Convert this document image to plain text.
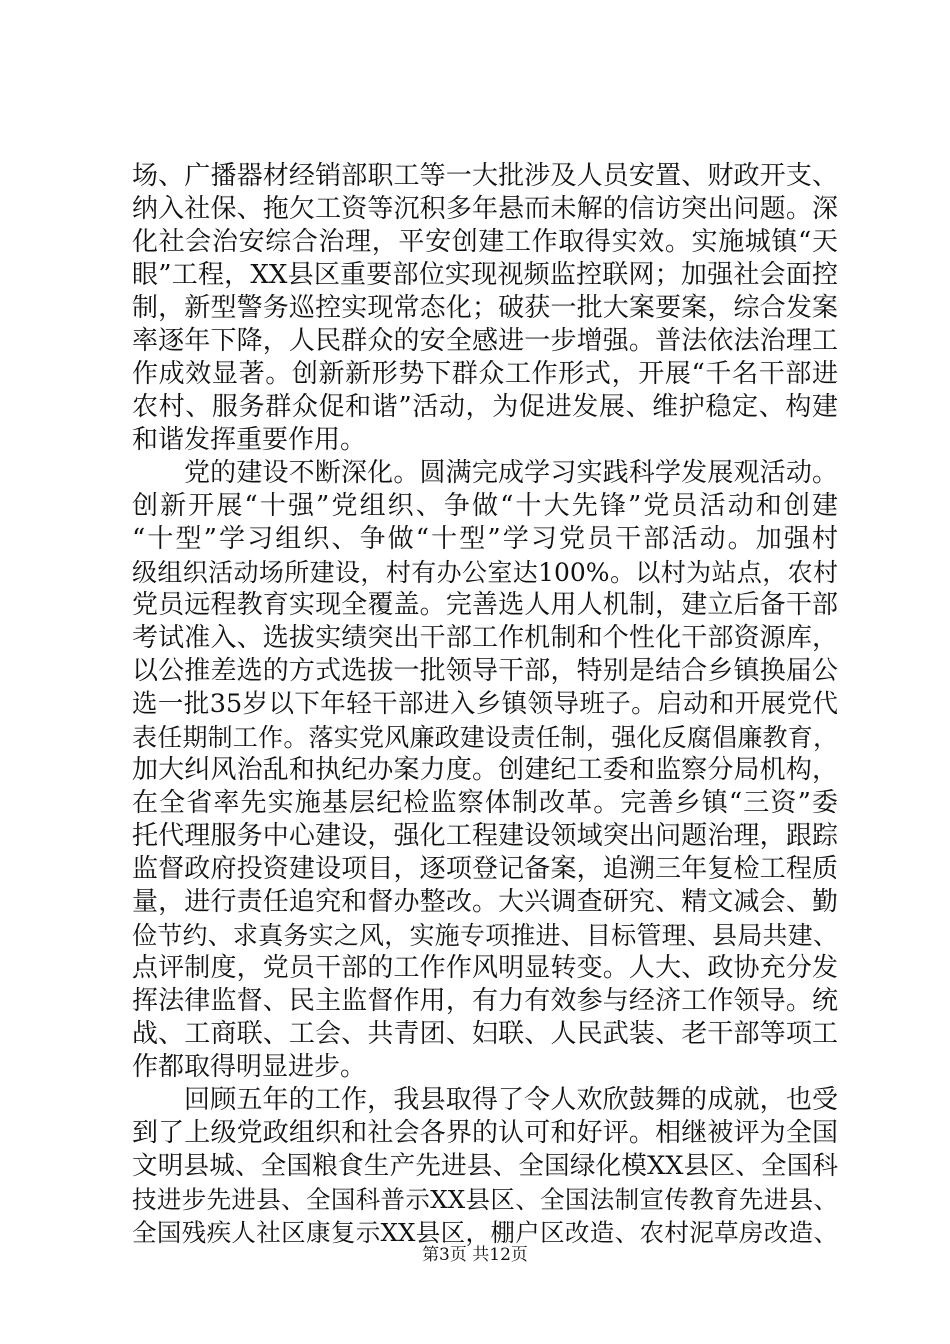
场、广播器材经销部职工等一大批涉及人员安置、财政开支、
纳入社保、拖欠工资等沉积多年悬而未解的信访突出问题。深
化社会治安综合治理，平安创建工作取得实效。实施城镇“天
眼”工程，XX县区重要部位实现视频监控联网；加强社会面控
制，新型警务巡控实现常态化；破获一批大案要案，综合发案
率逐年下降，人民群众的安全感进一步增强。普法依法治理工
作成效显著。创新新形势下群众工作形式，开展“千名干部进
农村、服务群众促和谐”活动，为促进发展、维护稳定、构建
和谐发挥重要作用。
党的建设不断深化。圆满完成学习实践科学发展观活动。
创新开展“十强”党组织、争做“十大先锋”党员活动和创建
“十型”学习组织、争做“十型”学习党员干部活动。加强村
级组织活动场所建设，村有办公室达100%。以村为站点，农村
党员远程教育实现全覆盖。完善选人用人机制，建立后备干部
考试准入、选拔实绩突出干部工作机制和个性化干部资源库，
以公推差选的方式选拔一批领导干部，特别是结合乡镇换届公
选一批35岁以下年轻干部进入乡镇领导班子。启动和开展党代
表任期制工作。落实党风廉政建设责任制，强化反腐倡廉教育，
加大纠风治乱和执纪办案力度。创建纪工委和监察分局机构，
在全省率先实施基层纪检监察体制改革。完善乡镇“三资”委
托代理服务中心建设，强化工程建设领域突出问题治理，跟踪
监督政府投资建设项目，逐项登记备案，追溯三年复检工程质
量，进行责任追究和督办整改。大兴调查研究、精文减会、勤
俭节约、求真务实之风，实施专项推进、目标管理、县局共建、
点评制度，党员干部的工作作风明显转变。人大、政协充分发
挥法律监督、民主监督作用，有力有效参与经济工作领导。统
战、工商联、工会、共青团、妇联、人民武装、老干部等项工
作都取得明显进步。
回顾五年的工作，我县取得了令人欢欣鼓舞的成就，也受
到了上级党政组织和社会各界的认可和好评。相继被评为全国
文明县城、全国粮食生产先进县、全国绿化模XX县区、全国科
技进步先进县、全国科普示XX县区、全国法制宣传教育先进县、
全国残疾人社区康复示XX县区，棚户区改造、农村泥草房改造、
第3页 共12页
